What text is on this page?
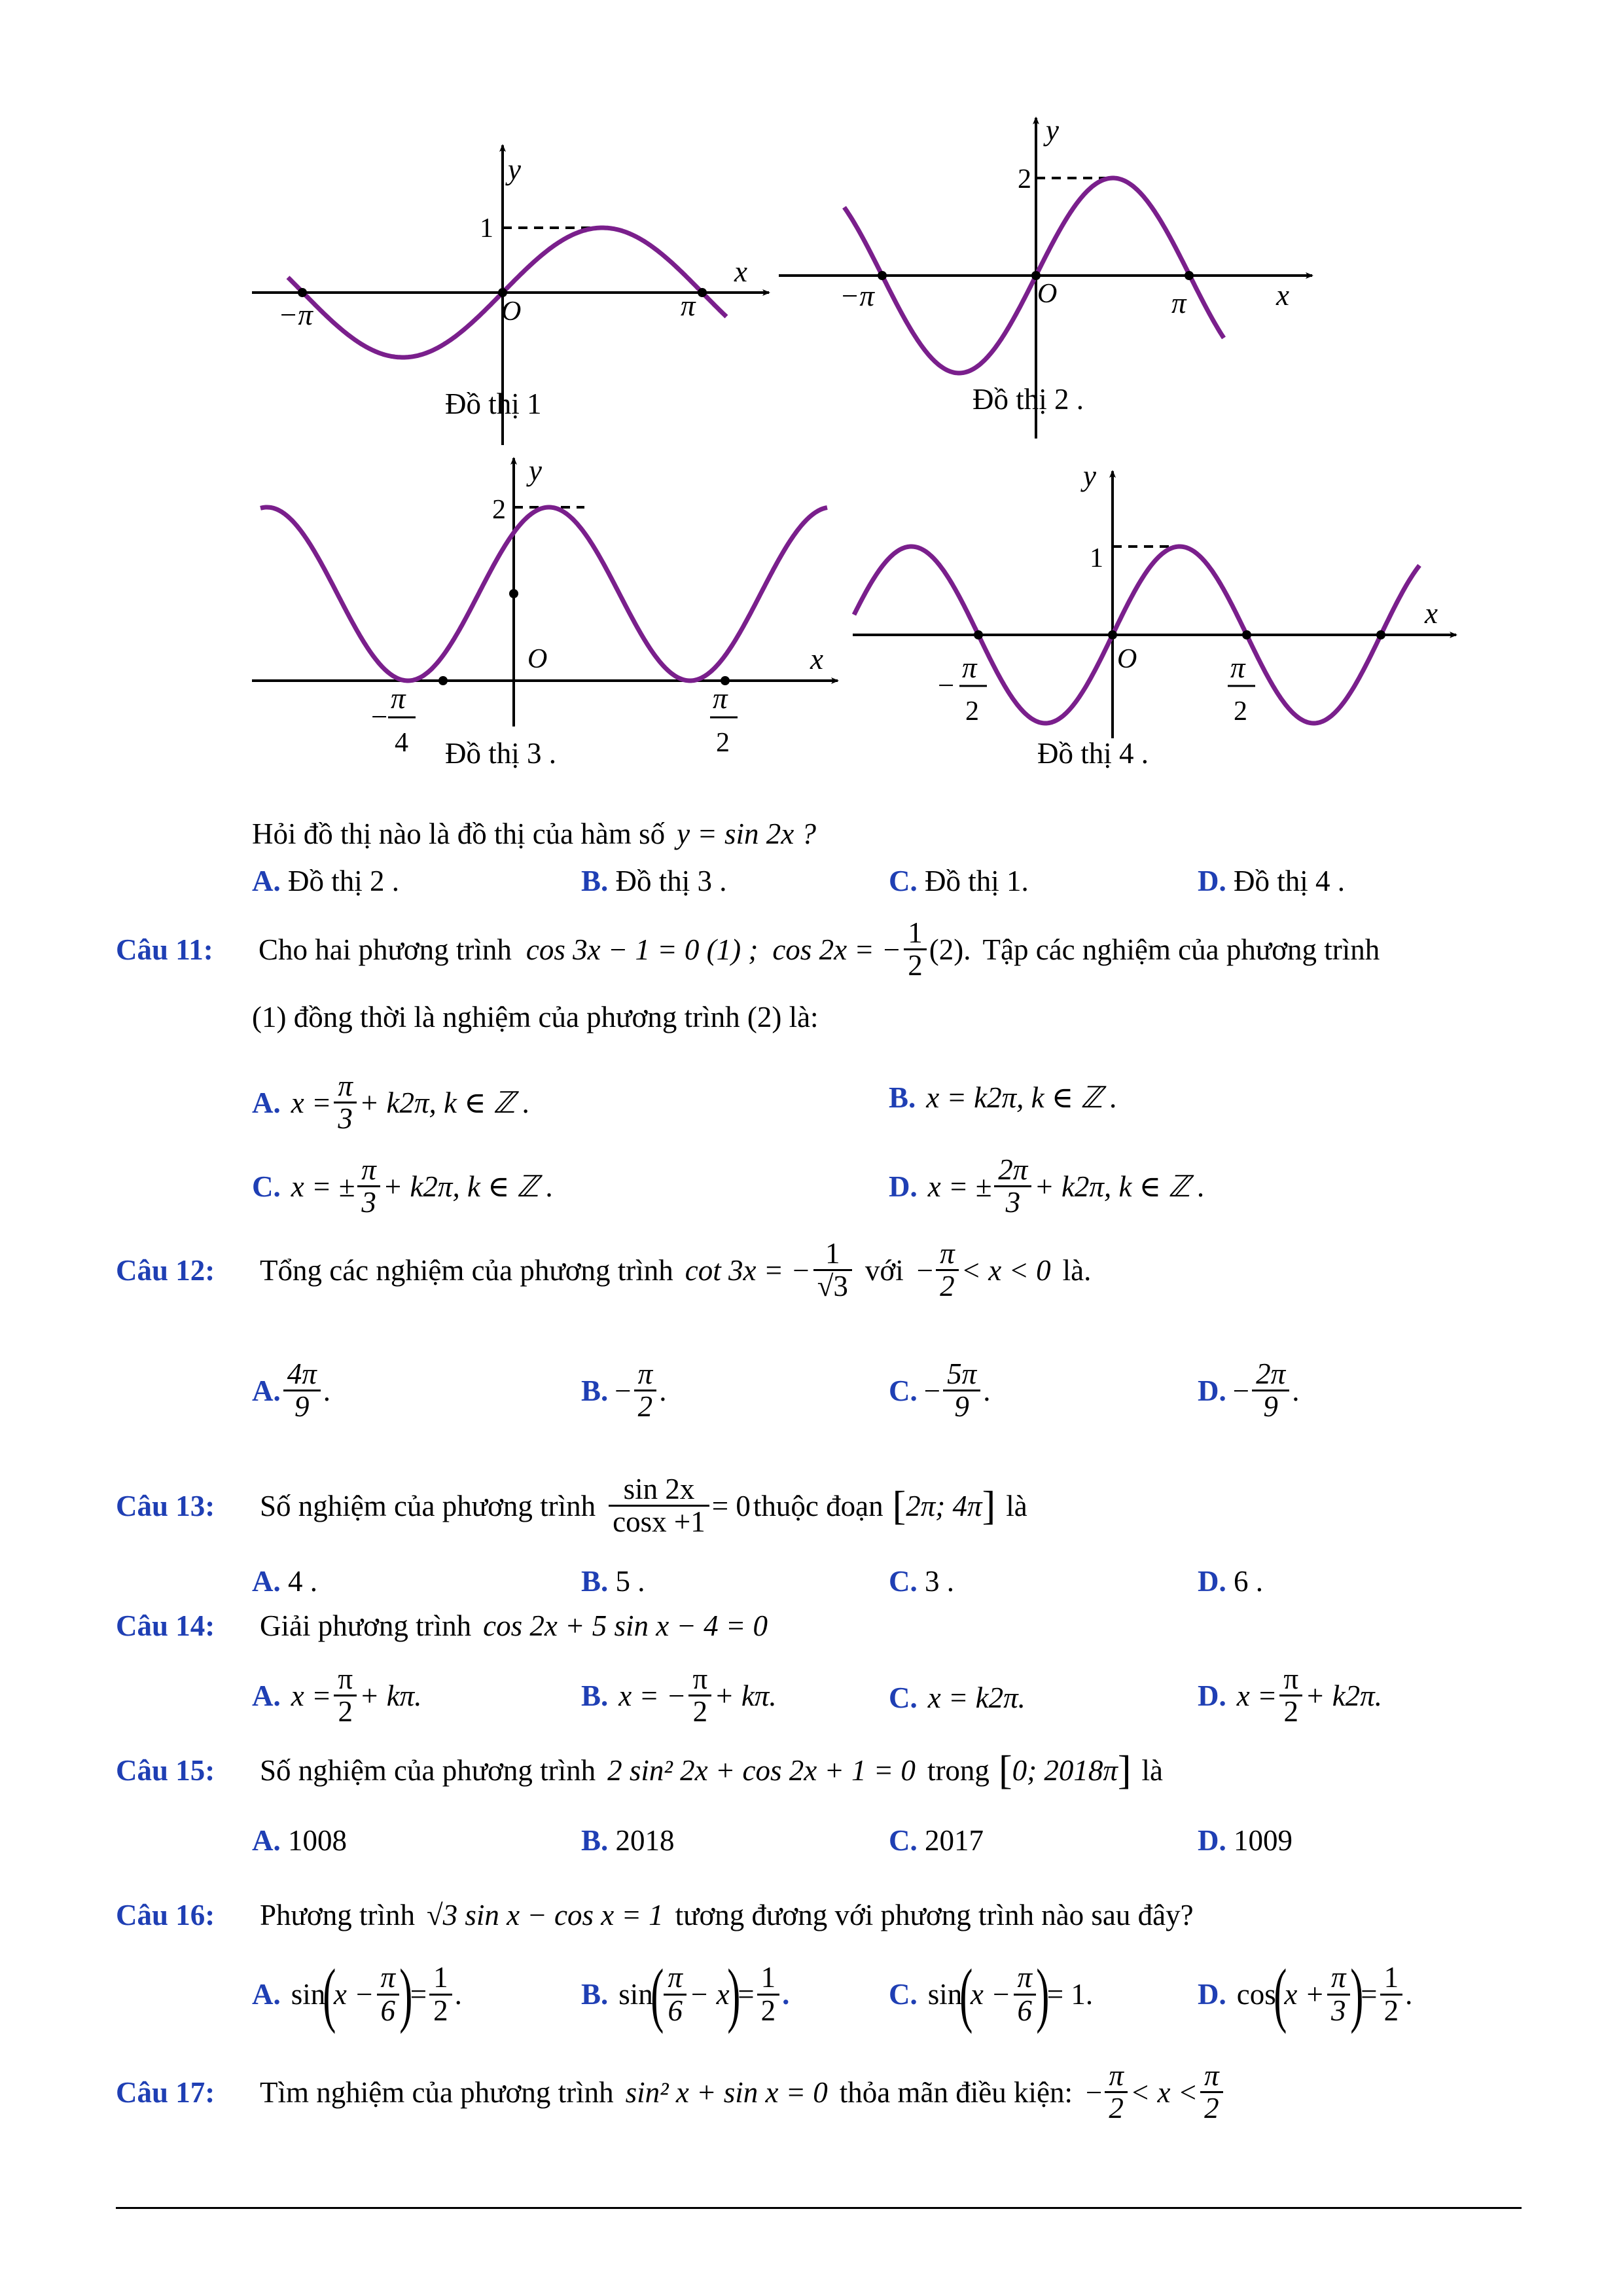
y
x
1
O
−π	π
Đồ thị 1
y
x
2
O
−π	π
Đồ thị 2 .
y
x
2
O
−
π
4
π
2
Đồ thị 3 .
y
x
1
O
−
π
2
π
2
Đồ thị 4 .
Hỏi đồ thị nào là đồ thị của hàm số y = sin 2x ?
A. Đồ thị 2 .	B. Đồ thị 3 .	C. Đồ thị 1.	D. Đồ thị 4 .
Câu 11:	Cho hai phương trình cos 3x − 1 = 0 (1) ; cos 2x = − $\frac{1}{2} (2)$. Tập các nghiệm của phương trình
(1) đồng thời là nghiệm của phương trình (2) là:
A. $x = \frac{\pi}{3} + k2\pi$, k ∈ ℤ .	B. x = k2π, k ∈ ℤ .
C. x = ± $\frac{\pi}{3} + k2\pi$, k ∈ ℤ .	D. x = ± $\frac{2\pi}{3} + k2\pi$, k ∈ ℤ .
Câu 12:	Tổng các nghiệm của phương trình cot 3x = − $\frac{1}{√3}$ với − $\frac{\pi}{2} < x < 0$ là.
A. $\frac{4\pi}{9}$ .	B. − $\frac{\pi}{2}$ .	C. − $\frac{5\pi}{9}$ .	D. − $\frac{2\pi}{9}$ .
Câu 13:	Số nghiệm của phương trình $\frac{\sin 2x}{\cos x +1} = 0$ thuộc đoạn [ 2π; 4π ] là
A. 4 .	B. 5 .	C. 3 .	D. 6 .
Câu 14:	Giải phương trình cos 2x + 5 sin x − 4 = 0
A. $x = \frac{\pi}{2} + k\pi$.	B. x = − $\frac{\pi}{2} + k\pi$.	C. x = k2π.	D. $x = \frac{\pi}{2} + k2\pi$.
Câu 15:	Số nghiệm của phương trình 2 sin² 2x + cos 2x + 1 = 0 trong [ 0; 2018π ] là
A. 1008	B. 2018	C. 2017	D. 1009
Câu 16:	Phương trình √3 sin x − cos x = 1 tương đương với phương trình nào sau đây?
A. sin
(
$x - \frac{\pi}{6}$ )
= $\frac{1}{2}$ .	B. sin
( $\frac{\pi}{6} - x$
)
= $\frac{1}{2}$ .	C. sin
(
$x - \frac{\pi}{6}$ )
= 1.	D. cos
(
$x + \frac{\pi}{3}$ )
= $\frac{1}{2}$ .
Câu 17:	Tìm nghiệm của phương trình sin² x + sin x = 0 thỏa mãn điều kiện: − $\frac{\pi}{2} < x < \frac{\pi}{2}$
